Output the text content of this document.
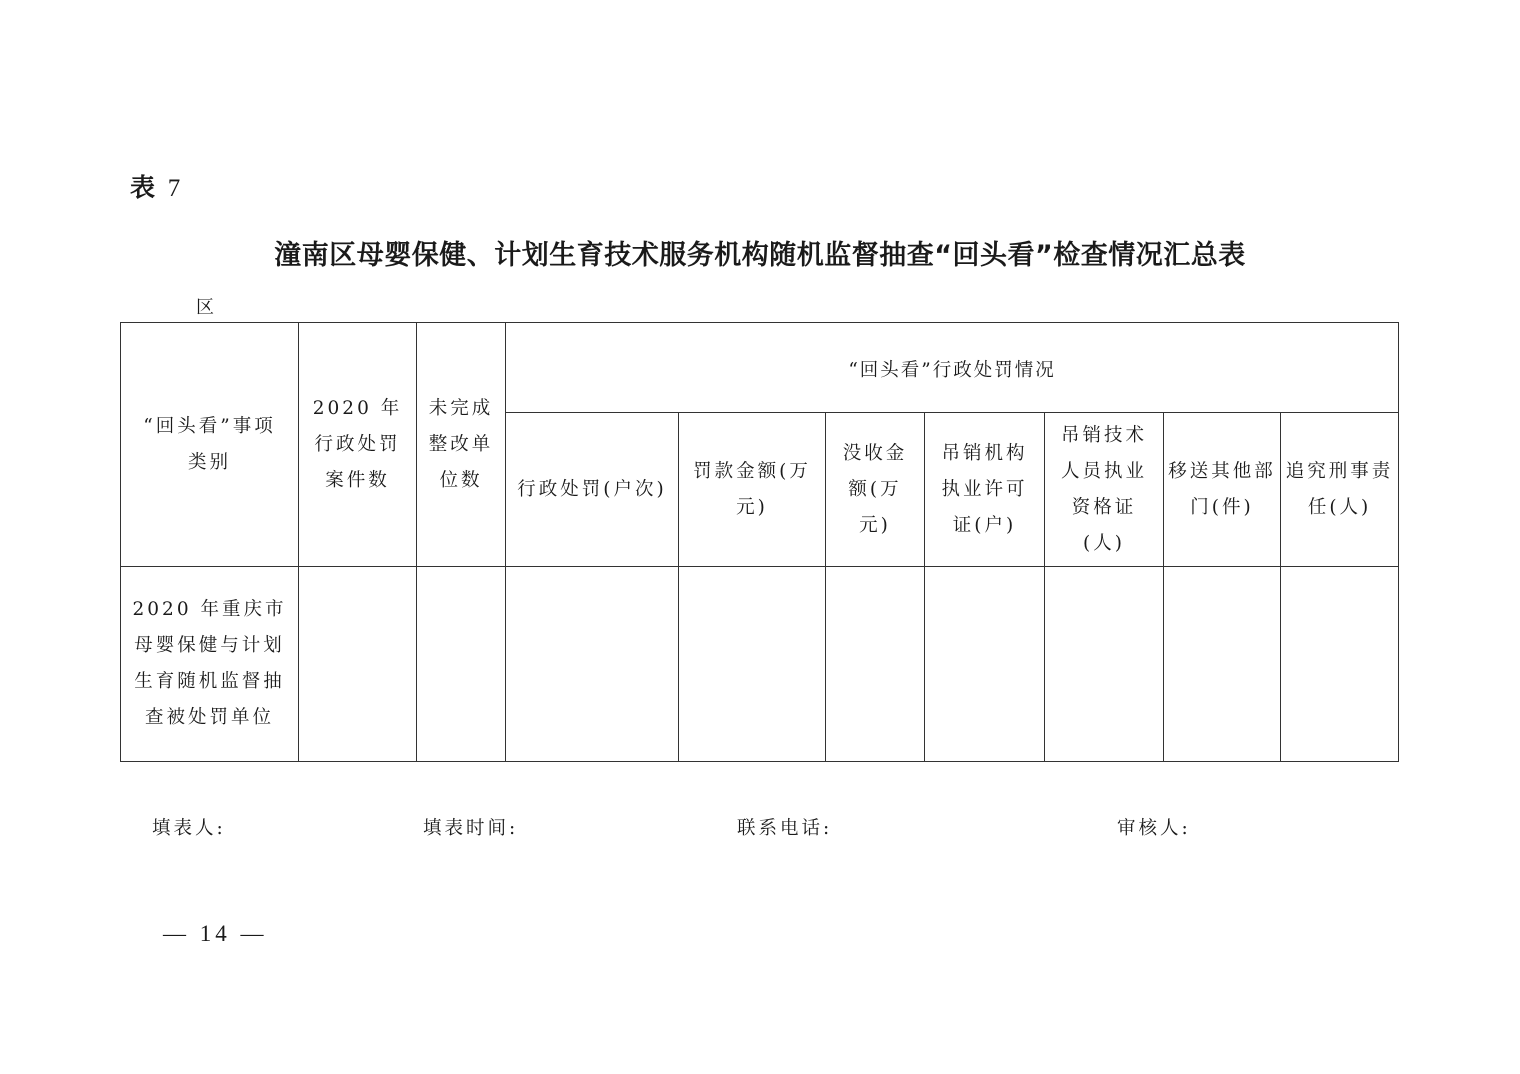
表 7
潼南区母婴保健、计划生育技术服务机构随机监督抽查“回头看”检查情况汇总表
区
“回头看”事项类别	2020 年行政处罚案件数	未完成整改单位数	“回头看”行政处罚情况						
			行政处罚(户次)	罚款金额(万元)	没收金额(万元)	吊销机构执业许可证(户)	吊销技术人员执业资格证(人)	移送其他部门(件)	追究刑事责任(人)
2020 年重庆市母婴保健与计划生育随机监督抽查被处罚单位									
填表人:	填表时间:	联系电话:	审核人:
— 14 —
